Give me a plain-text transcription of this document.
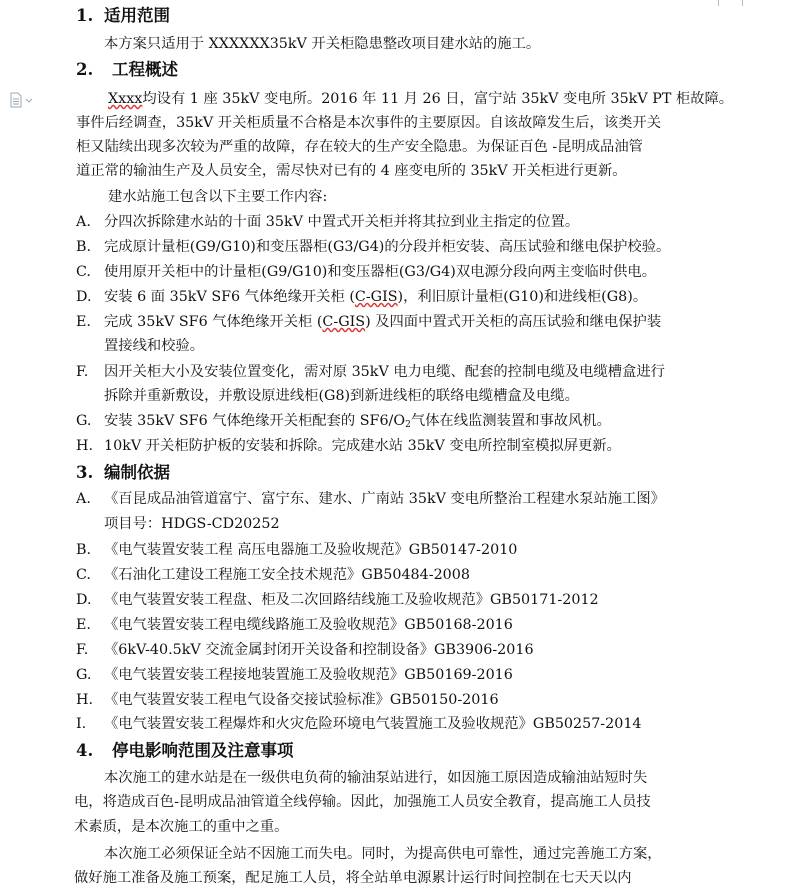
1. 适用范围
本方案只适用于 XXXXXX35kV 开关柜隐患整改项目建水站的施工。
2. 工程概述
Xxxx均设有 1 座 35kV 变电所。2016 年 11 月 26 日，富宁站 35kV 变电所 35kV PT 柜故障。
事件后经调查，35kV 开关柜质量不合格是本次事件的主要原因。自该故障发生后，该类开关
柜又陆续出现多次较为严重的故障，存在较大的生产安全隐患。为保证百色 -昆明成品油管
道正常的输油生产及人员安全，需尽快对已有的 4 座变电所的 35kV 开关柜进行更新。
建水站施工包含以下主要工作内容:
A. 分四次拆除建水站的十面 35kV 中置式开关柜并将其拉到业主指定的位置。
B. 完成原计量柜(G9/G10)和变压器柜(G3/G4)的分段并柜安装、高压试验和继电保护校验。
C. 使用原开关柜中的计量柜(G9/G10)和变压器柜(G3/G4)双电源分段向两主变临时供电。
D. 安装 6 面 35kV SF6 气体绝缘开关柜 (C-GIS)，利旧原计量柜(G10)和进线柜(G8)。
E. 完成 35kV SF6 气体绝缘开关柜 (C-GIS) 及四面中置式开关柜的高压试验和继电保护装
置接线和校验。
F. 因开关柜大小及安装位置变化，需对原 35kV 电力电缆、配套的控制电缆及电缆槽盒进行
拆除并重新敷设，并敷设原进线柜(G8)到新进线柜的联络电缆槽盒及电缆。
G. 安装 35kV SF6 气体绝缘开关柜配套的 $SF6/O_2$气体在线监测装置和事故风机。
H. 10kV 开关柜防护板的安装和拆除。完成建水站 35kV 变电所控制室模拟屏更新。
3. 编制依据
A. 《百昆成品油管道富宁、富宁东、建水、广南站 35kV 变电所整治工程建水泵站施工图》
项目号：HDGS-CD20252
B. 《电气装置安装工程 高压电器施工及验收规范》GB50147-2010
C. 《石油化工建设工程施工安全技术规范》GB50484-2008
D. 《电气装置安装工程盘、柜及二次回路结线施工及验收规范》GB50171-2012
E. 《电气装置安装工程电缆线路施工及验收规范》GB50168-2016
F. 《6kV-40.5kV 交流金属封闭开关设备和控制设备》GB3906-2016
G. 《电气装置安装工程接地装置施工及验收规范》GB50169-2016
H. 《电气装置安装工程电气设备交接试验标准》GB50150-2016
I. 《电气装置安装工程爆炸和火灾危险环境电气装置施工及验收规范》GB50257-2014
4. 停电影响范围及注意事项
本次施工的建水站是在一级供电负荷的输油泵站进行，如因施工原因造成输油站短时失
电，将造成百色-昆明成品油管道全线停输。因此，加强施工人员安全教育，提高施工人员技
术素质，是本次施工的重中之重。
本次施工必须保证全站不因施工而失电。同时，为提高供电可靠性，通过完善施工方案，
做好施工准备及施工预案，配足施工人员，将全站单电源累计运行时间控制在七天天以内
